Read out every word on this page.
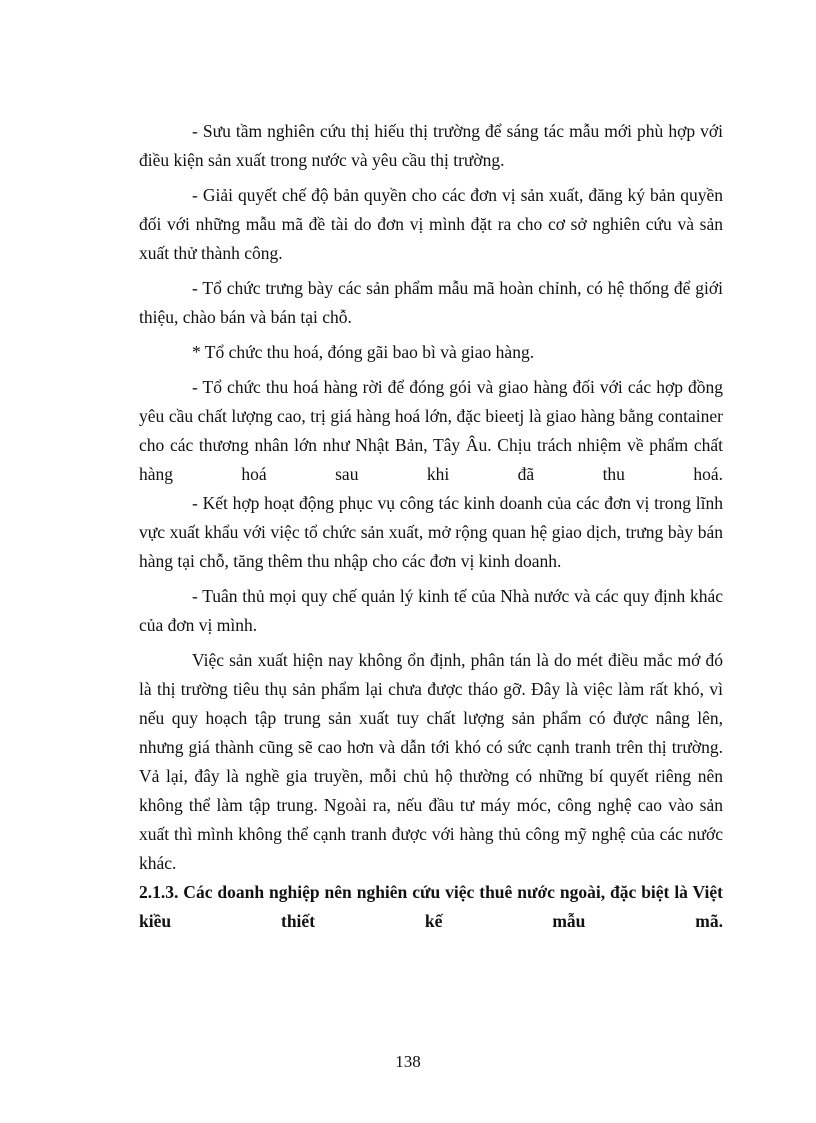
- Sưu tầm nghiên cứu thị hiếu thị trường để sáng tác mẫu mới phù hợp với điều kiện sản xuất trong nước và yêu cầu thị trường.

- Giải quyết chế độ bản quyền cho các đơn vị sản xuất, đăng ký bản quyền đối với những mẫu mã đề tài do đơn vị mình đặt ra cho cơ sở nghiên cứu và sản xuất thử thành công.

- Tổ chức trưng bày các sản phẩm mẫu mã hoàn chỉnh, có hệ thống để giới thiệu, chào bán và bán tại chỗ.

* Tổ chức thu hoá, đóng gãi bao bì và giao hàng.

- Tổ chức thu hoá hàng rời để đóng gói và giao hàng đối với các hợp đồng yêu cầu chất lượng cao, trị giá hàng hoá lớn, đặc bieetj là giao hàng bằng container cho các thương nhân lớn như Nhật Bản, Tây Âu. Chịu trách nhiệm về phẩm chất hàng hoá sau khi đã thu hoá.

- Kết hợp hoạt động phục vụ công tác kinh doanh của các đơn vị trong lĩnh vực xuất khẩu với việc tổ chức sản xuất, mở rộng quan hệ giao dịch, trưng bày bán hàng tại chỗ, tăng thêm thu nhập cho các đơn vị kinh doanh.

- Tuân thủ mọi quy chế quản lý kinh tế của Nhà nước và các quy định khác của đơn vị mình.

Việc sản xuất hiện nay không ổn định, phân tán là do mét điều mắc mớ đó là thị trường tiêu thụ sản phẩm lại chưa được tháo gỡ. Đây là việc làm rất khó, vì nếu quy hoạch tập trung sản xuất tuy chất lượng sản phẩm có được nâng lên, nhưng giá thành cũng sẽ cao hơn và dẫn tới khó có sức cạnh tranh trên thị trường. Vả lại, đây là nghề gia truyền, mỗi chủ hộ thường có những bí quyết riêng nên không thể làm tập trung. Ngoài ra, nếu đầu tư máy móc, công nghệ cao vào sản xuất thì mình không thể cạnh tranh được với hàng thủ công mỹ nghệ của các nước khác.

2.1.3. Các doanh nghiệp nên nghiên cứu việc thuê nước ngoài, đặc biệt là Việt kiều thiết kế mẫu mã.

138
